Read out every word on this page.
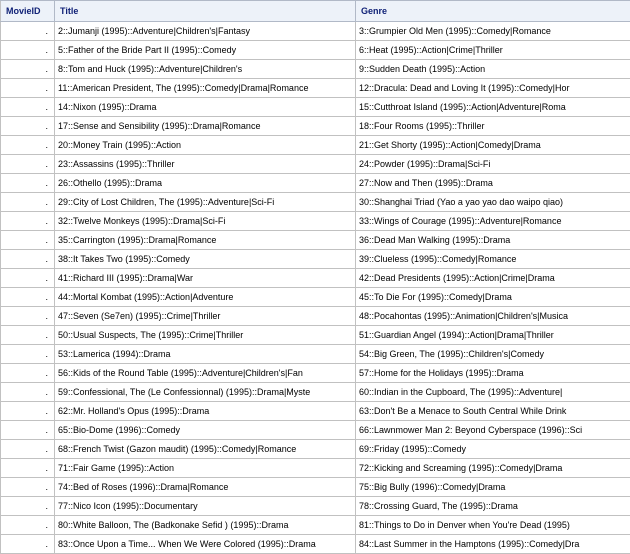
MovieID	Title	Genre
.	2::Jumanji (1995)::Adventure|Children's|Fantasy	3::Grumpier Old Men (1995)::Comedy|Romance
.	5::Father of the Bride Part II (1995)::Comedy	6::Heat (1995)::Action|Crime|Thriller
.	8::Tom and Huck (1995)::Adventure|Children's	9::Sudden Death (1995)::Action
.	11::American President, The (1995)::Comedy|Drama|Romance	12::Dracula: Dead and Loving It (1995)::Comedy|Hor
.	14::Nixon (1995)::Drama	15::Cutthroat Island (1995)::Action|Adventure|Roma
.	17::Sense and Sensibility (1995)::Drama|Romance	18::Four Rooms (1995)::Thriller
.	20::Money Train (1995)::Action	21::Get Shorty (1995)::Action|Comedy|Drama
.	23::Assassins (1995)::Thriller	24::Powder (1995)::Drama|Sci-Fi
.	26::Othello (1995)::Drama	27::Now and Then (1995)::Drama
.	29::City of Lost Children, The (1995)::Adventure|Sci-Fi	30::Shanghai Triad (Yao a yao yao dao waipo qiao)
.	32::Twelve Monkeys (1995)::Drama|Sci-Fi	33::Wings of Courage (1995)::Adventure|Romance
.	35::Carrington (1995)::Drama|Romance	36::Dead Man Walking (1995)::Drama
.	38::It Takes Two (1995)::Comedy	39::Clueless (1995)::Comedy|Romance
.	41::Richard III (1995)::Drama|War	42::Dead Presidents (1995)::Action|Crime|Drama
.	44::Mortal Kombat (1995)::Action|Adventure	45::To Die For (1995)::Comedy|Drama
.	47::Seven (Se7en) (1995)::Crime|Thriller	48::Pocahontas (1995)::Animation|Children's|Musica
.	50::Usual Suspects, The (1995)::Crime|Thriller	51::Guardian Angel (1994)::Action|Drama|Thriller
.	53::Lamerica (1994)::Drama	54::Big Green, The (1995)::Children's|Comedy
.	56::Kids of the Round Table (1995)::Adventure|Children's|Fan	57::Home for the Holidays (1995)::Drama
.	59::Confessional, The (Le Confessionnal) (1995)::Drama|Myste	60::Indian in the Cupboard, The (1995)::Adventure|
.	62::Mr. Holland's Opus (1995)::Drama	63::Don't Be a Menace to South Central While Drink
.	65::Bio-Dome (1996)::Comedy	66::Lawnmower Man 2: Beyond Cyberspace (1996)::Sci
.	68::French Twist (Gazon maudit) (1995)::Comedy|Romance	69::Friday (1995)::Comedy
.	71::Fair Game (1995)::Action	72::Kicking and Screaming (1995)::Comedy|Drama
.	74::Bed of Roses (1996)::Drama|Romance	75::Big Bully (1996)::Comedy|Drama
.	77::Nico Icon (1995)::Documentary	78::Crossing Guard, The (1995)::Drama
.	80::White Balloon, The (Badkonake Sefid ) (1995)::Drama	81::Things to Do in Denver when You're Dead (1995)
.	83::Once Upon a Time... When We Were Colored (1995)::Drama	84::Last Summer in the Hamptons (1995)::Comedy|Dra
